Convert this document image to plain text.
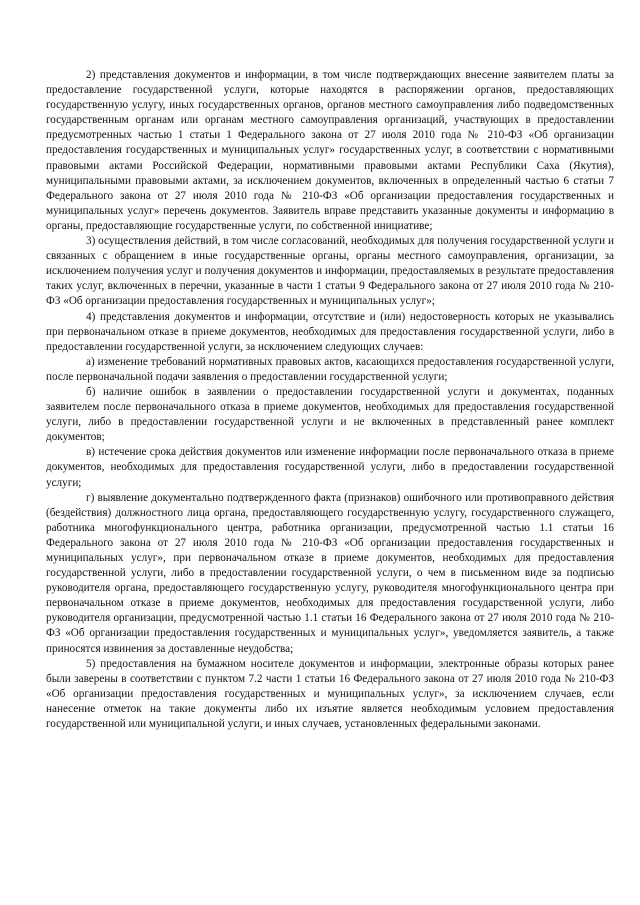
2) представления документов и информации, в том числе подтверждающих внесение заявителем платы за предоставление государственной услуги, которые находятся в распоряжении органов, предоставляющих государственную услугу, иных государственных органов, органов местного самоуправления либо подведомственных государственным органам или органам местного самоуправления организаций, участвующих в предоставлении предусмотренных частью 1 статьи 1 Федерального закона от 27 июля 2010 года № 210-ФЗ «Об организации предоставления государственных и муниципальных услуг» государственных услуг, в соответствии с нормативными правовыми актами Российской Федерации, нормативными правовыми актами Республики Саха (Якутия), муниципальными правовыми актами, за исключением документов, включенных в определенный частью 6 статьи 7 Федерального закона от 27 июля 2010 года № 210-ФЗ «Об организации предоставления государственных и муниципальных услуг» перечень документов. Заявитель вправе представить указанные документы и информацию в органы, предоставляющие государственные услуги, по собственной инициативе;

3) осуществления действий, в том числе согласований, необходимых для получения государственной услуги и связанных с обращением в иные государственные органы, органы местного самоуправления, организации, за исключением получения услуг и получения документов и информации, предоставляемых в результате предоставления таких услуг, включенных в перечни, указанные в части 1 статьи 9 Федерального закона от 27 июля 2010 года № 210-ФЗ «Об организации предоставления государственных и муниципальных услуг»;

4) представления документов и информации, отсутствие и (или) недостоверность которых не указывались при первоначальном отказе в приеме документов, необходимых для предоставления государственной услуги, либо в предоставлении государственной услуги, за исключением следующих случаев:

а) изменение требований нормативных правовых актов, касающихся предоставления государственной услуги, после первоначальной подачи заявления о предоставлении государственной услуги;

б) наличие ошибок в заявлении о предоставлении государственной услуги и документах, поданных заявителем после первоначального отказа в приеме документов, необходимых для предоставления государственной услуги, либо в предоставлении государственной услуги и не включенных в представленный ранее комплект документов;

в) истечение срока действия документов или изменение информации после первоначального отказа в приеме документов, необходимых для предоставления государственной услуги, либо в предоставлении государственной услуги;

г) выявление документально подтвержденного факта (признаков) ошибочного или противоправного действия (бездействия) должностного лица органа, предоставляющего государственную услугу, государственного служащего, работника многофункционального центра, работника организации, предусмотренной частью 1.1 статьи 16 Федерального закона от 27 июля 2010 года № 210-ФЗ «Об организации предоставления государственных и муниципальных услуг», при первоначальном отказе в приеме документов, необходимых для предоставления государственной услуги, либо в предоставлении государственной услуги, о чем в письменном виде за подписью руководителя органа, предоставляющего государственную услугу, руководителя многофункционального центра при первоначальном отказе в приеме документов, необходимых для предоставления государственной услуги, либо руководителя организации, предусмотренной частью 1.1 статьи 16 Федерального закона от 27 июля 2010 года № 210-ФЗ «Об организации предоставления государственных и муниципальных услуг», уведомляется заявитель, а также приносятся извинения за доставленные неудобства;

5) предоставления на бумажном носителе документов и информации, электронные образы которых ранее были заверены в соответствии с пунктом 7.2 части 1 статьи 16 Федерального закона от 27 июля 2010 года № 210-ФЗ «Об организации предоставления государственных и муниципальных услуг», за исключением случаев, если нанесение отметок на такие документы либо их изъятие является необходимым условием предоставления государственной или муниципальной услуги, и иных случаев, установленных федеральными законами.
